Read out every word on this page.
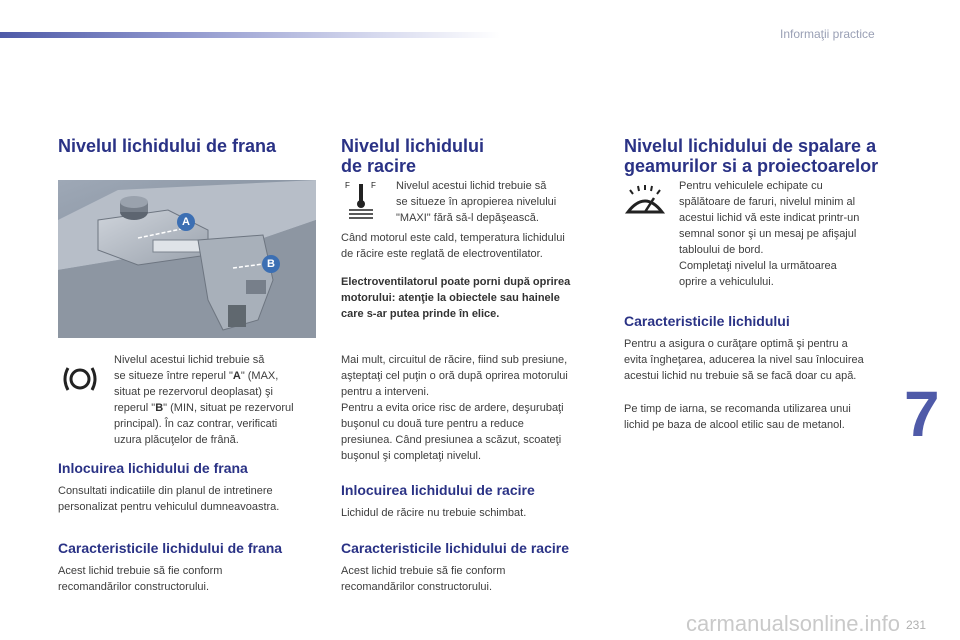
Informaţii practice
7
231
carmanualsonline.info
Nivelul lichidului de frana
A
B
Nivelul acestui lichid trebuie să
se situeze între reperul "A" (MAX,
situat pe rezervorul deoplasat) şi
reperul "B" (MIN, situat pe rezervorul
principal). În caz contrar, verificati
uzura plăcuţelor de frână.
Inlocuirea lichidului de frana
Consultati indicatiile din planul de intretinere
personalizat pentru vehiculul dumneavoastra.
Caracteristicile lichidului de frana
Acest lichid trebuie să fie conform
recomandărilor constructorului.
Nivelul lichidului
de racire
F	F Nivelul acestui lichid trebuie să
se situeze în apropierea nivelului
"MAXI" fără să-l depăşească.
Când motorul este cald, temperatura lichidului
de răcire este reglată de electroventilator.
Electroventilatorul poate porni după oprirea
motorului: atenţie la obiectele sau hainele
care s-ar putea prinde în elice.
Mai mult, circuitul de răcire, fiind sub presiune,
aşteptaţi cel puţin o oră după oprirea motorului
pentru a interveni.
Pentru a evita orice risc de ardere, deşurubaţi
buşonul cu două ture pentru a reduce
presiunea. Când presiunea a scăzut, scoateţi
buşonul şi completaţi nivelul.
Inlocuirea lichidului de racire
Lichidul de răcire nu trebuie schimbat.
Caracteristicile lichidului de racire
Acest lichid trebuie să fie conform
recomandărilor constructorului.
Nivelul lichidului de spalare a
geamurilor si a proiectoarelor
Pentru vehiculele echipate cu
spălătoare de faruri, nivelul minim al
acestui lichid vă este indicat printr-un
semnal sonor şi un mesaj pe afişajul
tabloului de bord.
Completaţi nivelul la următoarea
oprire a vehiculului.
Caracteristicile lichidului
Pentru a asigura o curăţare optimă şi pentru a
evita îngheţarea, aducerea la nivel sau înlocuirea
acestui lichid nu trebuie să se facă doar cu apă.
Pe timp de iarna, se recomanda utilizarea unui
lichid pe baza de alcool etilic sau de metanol.
